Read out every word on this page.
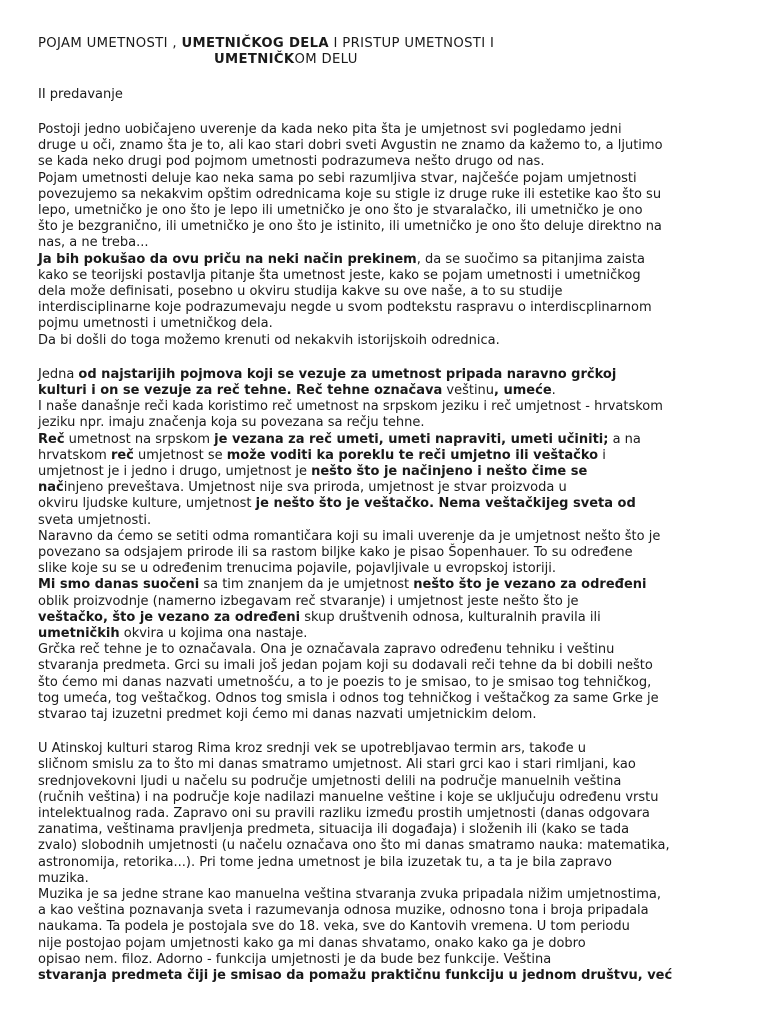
POJAM UMETNOSTI , UMETNIČKOG DELA I PRISTUP UMETNOSTI I
UMETNIČKOM DELU
II predavanje
Postoji jedno uobičajeno uverenje da kada neko pita šta je umjetnost svi pogledamo jedni
druge u oči, znamo šta je to, ali kao stari dobri sveti Avgustin ne znamo da kažemo to, a ljutimo
se kada neko drugi pod pojmom umetnosti podrazumeva nešto drugo od nas.
Pojam umetnosti deluje kao neka sama po sebi razumljiva stvar, najčešće pojam umjetnosti
povezujemo sa nekakvim opštim odrednicama koje su stigle iz druge ruke ili estetike kao što su
lepo, umetničko je ono što je lepo ili umetničko je ono što je stvaralačko, ili umetničko je ono
što je bezgranično, ili umetničko je ono što je istinito, ili umetničko je ono što deluje direktno na
nas, a ne treba...
Ja bih pokušao da ovu priču na neki način prekinem, da se suočimo sa pitanjima zaista
kako se teorijski postavlja pitanje šta umetnost jeste, kako se pojam umetnosti i umetničkog
dela može definisati, posebno u okviru studija kakve su ove naše, a to su studije
interdisciplinarne koje podrazumevaju negde u svom podtekstu raspravu o interdiscplinarnom
pojmu umetnosti i umetničkog dela.
Da bi došli do toga možemo krenuti od nekakvih istorijskoih odrednica.
Jedna od najstarijih pojmova koji se vezuje za umetnost pripada naravno grčkoj
kulturi i on se vezuje za reč tehne. Reč tehne označava veštinu, umeće.
I naše današnje reči kada koristimo reč umetnost na srpskom jeziku i reč umjetnost - hrvatskom
jeziku npr. imaju značenja koja su povezana sa rečju tehne.
Reč umetnost na srpskom je vezana za reč umeti, umeti napraviti, umeti učiniti; a na
hrvatskom reč umjetnost se može voditi ka poreklu te reči umjetno ili veštačko i
umjetnost je i jedno i drugo, umjetnost je nešto što je načinjeno i nešto čime se
načinjeno preveštava. Umjetnost nije sva priroda, umjetnost je stvar proizvoda u
okviru ljudske kulture, umjetnost je nešto što je veštačko. Nema veštačkijeg sveta od
sveta umjetnosti.
Naravno da ćemo se setiti odma romantičara koji su imali uverenje da je umjetnost nešto što je
povezano sa odsjajem prirode ili sa rastom biljke kako je pisao Šopenhauer. To su određene
slike koje su se u određenim trenucima pojavile, pojavljivale u evropskoj istoriji.
Mi smo danas suočeni sa tim znanjem da je umjetnost nešto što je vezano za određeni
oblik proizvodnje (namerno izbegavam reč stvaranje) i umjetnost jeste nešto što je
veštačko, što je vezano za određeni skup društvenih odnosa, kulturalnih pravila ili
umetničkih okvira u kojima ona nastaje.
Grčka reč tehne je to označavala. Ona je označavala zapravo određenu tehniku i veštinu
stvaranja predmeta. Grci su imali još jedan pojam koji su dodavali reči tehne da bi dobili nešto
što ćemo mi danas nazvati umetnošću, a to je poezis to je smisao, to je smisao tog tehničkog,
tog umeća, tog veštačkog. Odnos tog smisla i odnos tog tehničkog i veštačkog za same Grke je
stvarao taj izuzetni predmet koji ćemo mi danas nazvati umjetnickim delom.
U Atinskoj kulturi starog Rima kroz srednji vek se upotrebljavao termin ars, takođe u
sličnom smislu za to što mi danas smatramo umjetnost. Ali stari grci kao i stari rimljani, kao
srednjovekovni ljudi u načelu su područje umjetnosti delili na područje manuelnih veština
(ručnih veština) i na područje koje nadilazi manuelne veštine i koje se uključuju određenu vrstu
intelektualnog rada. Zapravo oni su pravili razliku između prostih umjetnosti (danas odgovara
zanatima, veštinama pravljenja predmeta, situacija ili događaja) i složenih ili (kako se tada
zvalo) slobodnih umjetnosti (u načelu označava ono što mi danas smatramo nauka: matematika,
astronomija, retorika...). Pri tome jedna umetnost je bila izuzetak tu, a ta je bila zapravo
muzika.
Muzika je sa jedne strane kao manuelna veština stvaranja zvuka pripadala nižim umjetnostima,
a kao veština poznavanja sveta i razumevanja odnosa muzike, odnosno tona i broja pripadala
naukama. Ta podela je postojala sve do 18. veka, sve do Kantovih vremena. U tom periodu
nije postojao pojam umjetnosti kako ga mi danas shvatamo, onako kako ga je dobro
opisao nem. filoz. Adorno - funkcija umjetnosti je da bude bez funkcije. Veština
stvaranja predmeta čiji je smisao da pomažu praktičnu funkciju u jednom društvu, već
